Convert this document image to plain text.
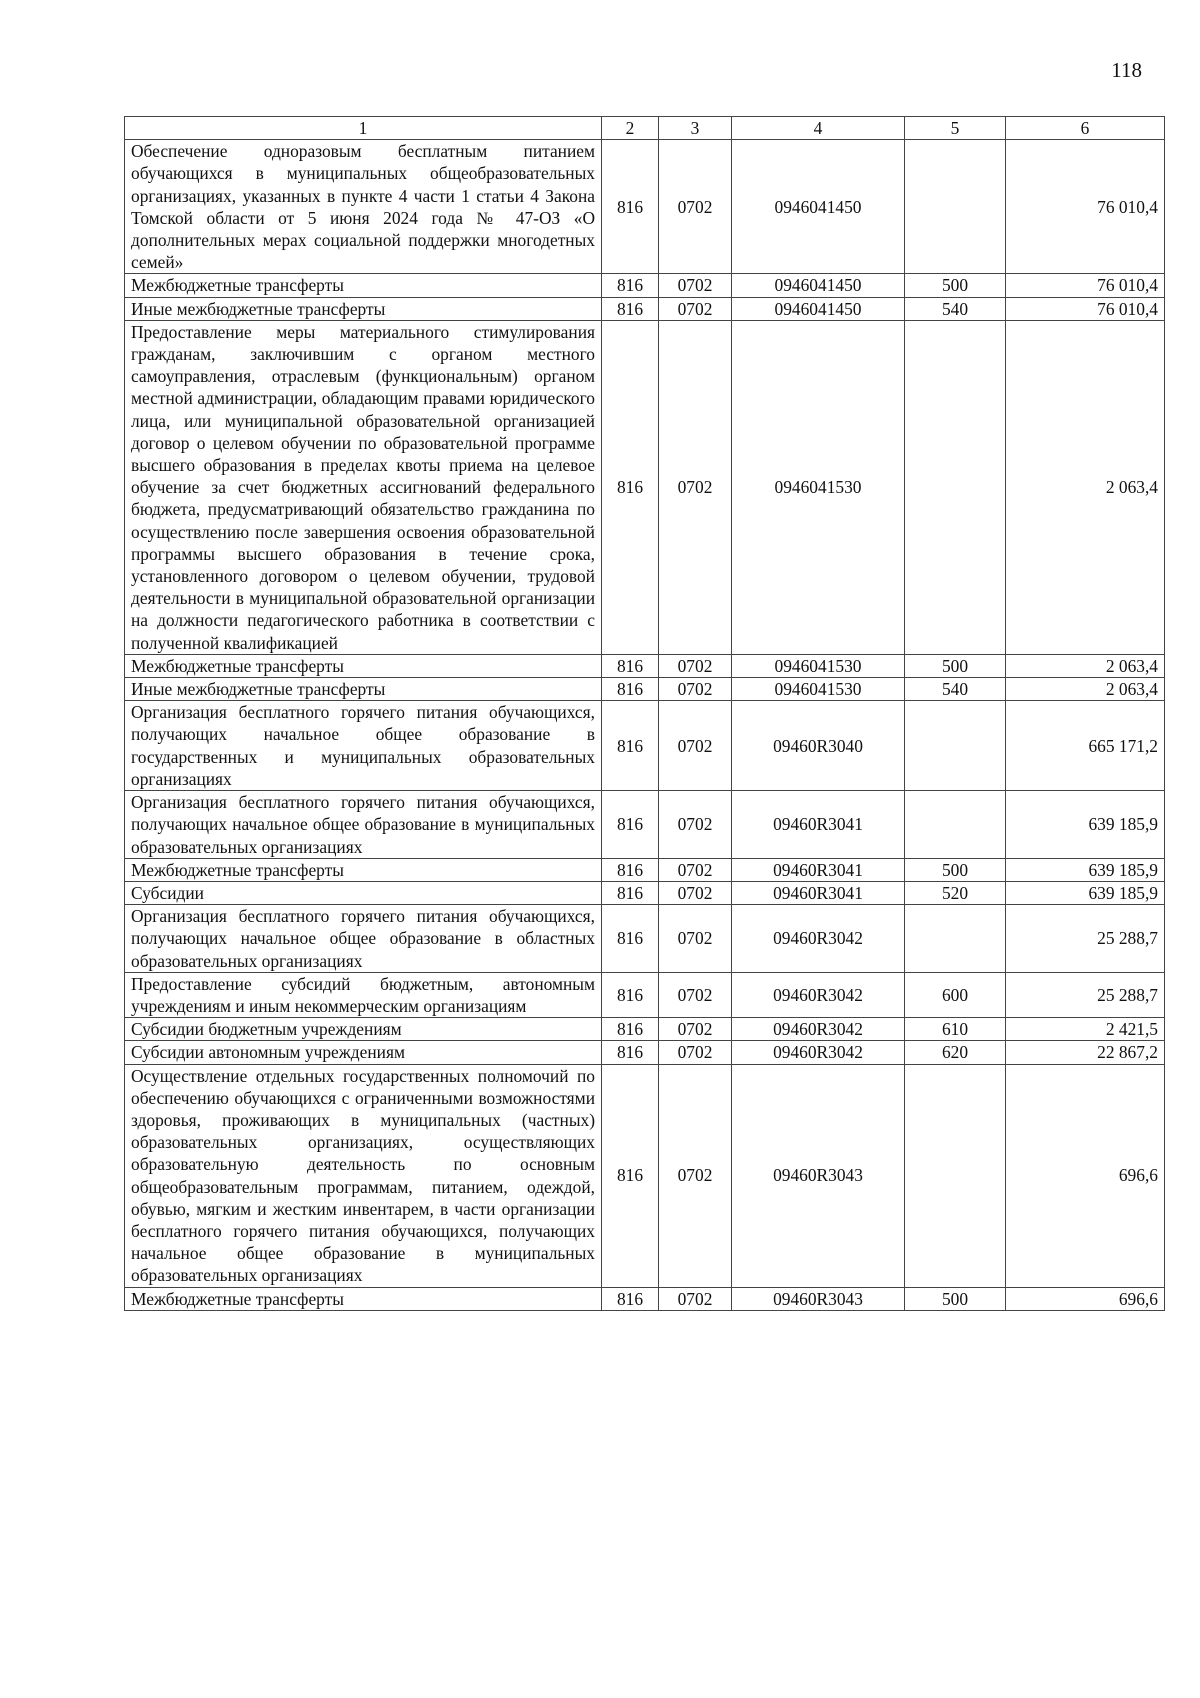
118
1	2	3	4	5	6
Обеспечение одноразовым бесплатным питанием обучающихся в муниципальных общеобразовательных организациях, указанных в пункте 4 части 1 статьи 4 Закона Томской области от 5 июня 2024 года № 47-ОЗ «О дополнительных мерах социальной поддержки многодетных семей»	816	0702	0946041450		76 010,4
Межбюджетные трансферты	816	0702	0946041450	500	76 010,4
Иные межбюджетные трансферты	816	0702	0946041450	540	76 010,4
Предоставление меры материального стимулирования гражданам, заключившим с органом местного самоуправления, отраслевым (функциональным) органом местной администрации, обладающим правами юридического лица, или муниципальной образовательной организацией договор о целевом обучении по образовательной программе высшего образования в пределах квоты приема на целевое обучение за счет бюджетных ассигнований федерального бюджета, предусматривающий обязательство гражданина по осуществлению после завершения освоения образовательной программы высшего образования в течение срока, установленного договором о целевом обучении, трудовой деятельности в муниципальной образовательной организации на должности педагогического работника в соответствии с полученной квалификацией	816	0702	0946041530		2 063,4
Межбюджетные трансферты	816	0702	0946041530	500	2 063,4
Иные межбюджетные трансферты	816	0702	0946041530	540	2 063,4
Организация бесплатного горячего питания обучающихся, получающих начальное общее образование в государственных и муниципальных образовательных организациях	816	0702	09460R3040		665 171,2
Организация бесплатного горячего питания обучающихся, получающих начальное общее образование в муниципальных образовательных организациях	816	0702	09460R3041		639 185,9
Межбюджетные трансферты	816	0702	09460R3041	500	639 185,9
Субсидии	816	0702	09460R3041	520	639 185,9
Организация бесплатного горячего питания обучающихся, получающих начальное общее образование в областных образовательных организациях	816	0702	09460R3042		25 288,7
Предоставление субсидий бюджетным, автономным учреждениям и иным некоммерческим организациям	816	0702	09460R3042	600	25 288,7
Субсидии бюджетным учреждениям	816	0702	09460R3042	610	2 421,5
Субсидии автономным учреждениям	816	0702	09460R3042	620	22 867,2
Осуществление отдельных государственных полномочий по обеспечению обучающихся с ограниченными возможностями здоровья, проживающих в муниципальных (частных) образовательных организациях, осуществляющих образовательную деятельность по основным общеобразовательным программам, питанием, одеждой, обувью, мягким и жестким инвентарем, в части организации бесплатного горячего питания обучающихся, получающих начальное общее образование в муниципальных образовательных организациях	816	0702	09460R3043		696,6
Межбюджетные трансферты	816	0702	09460R3043	500	696,6
